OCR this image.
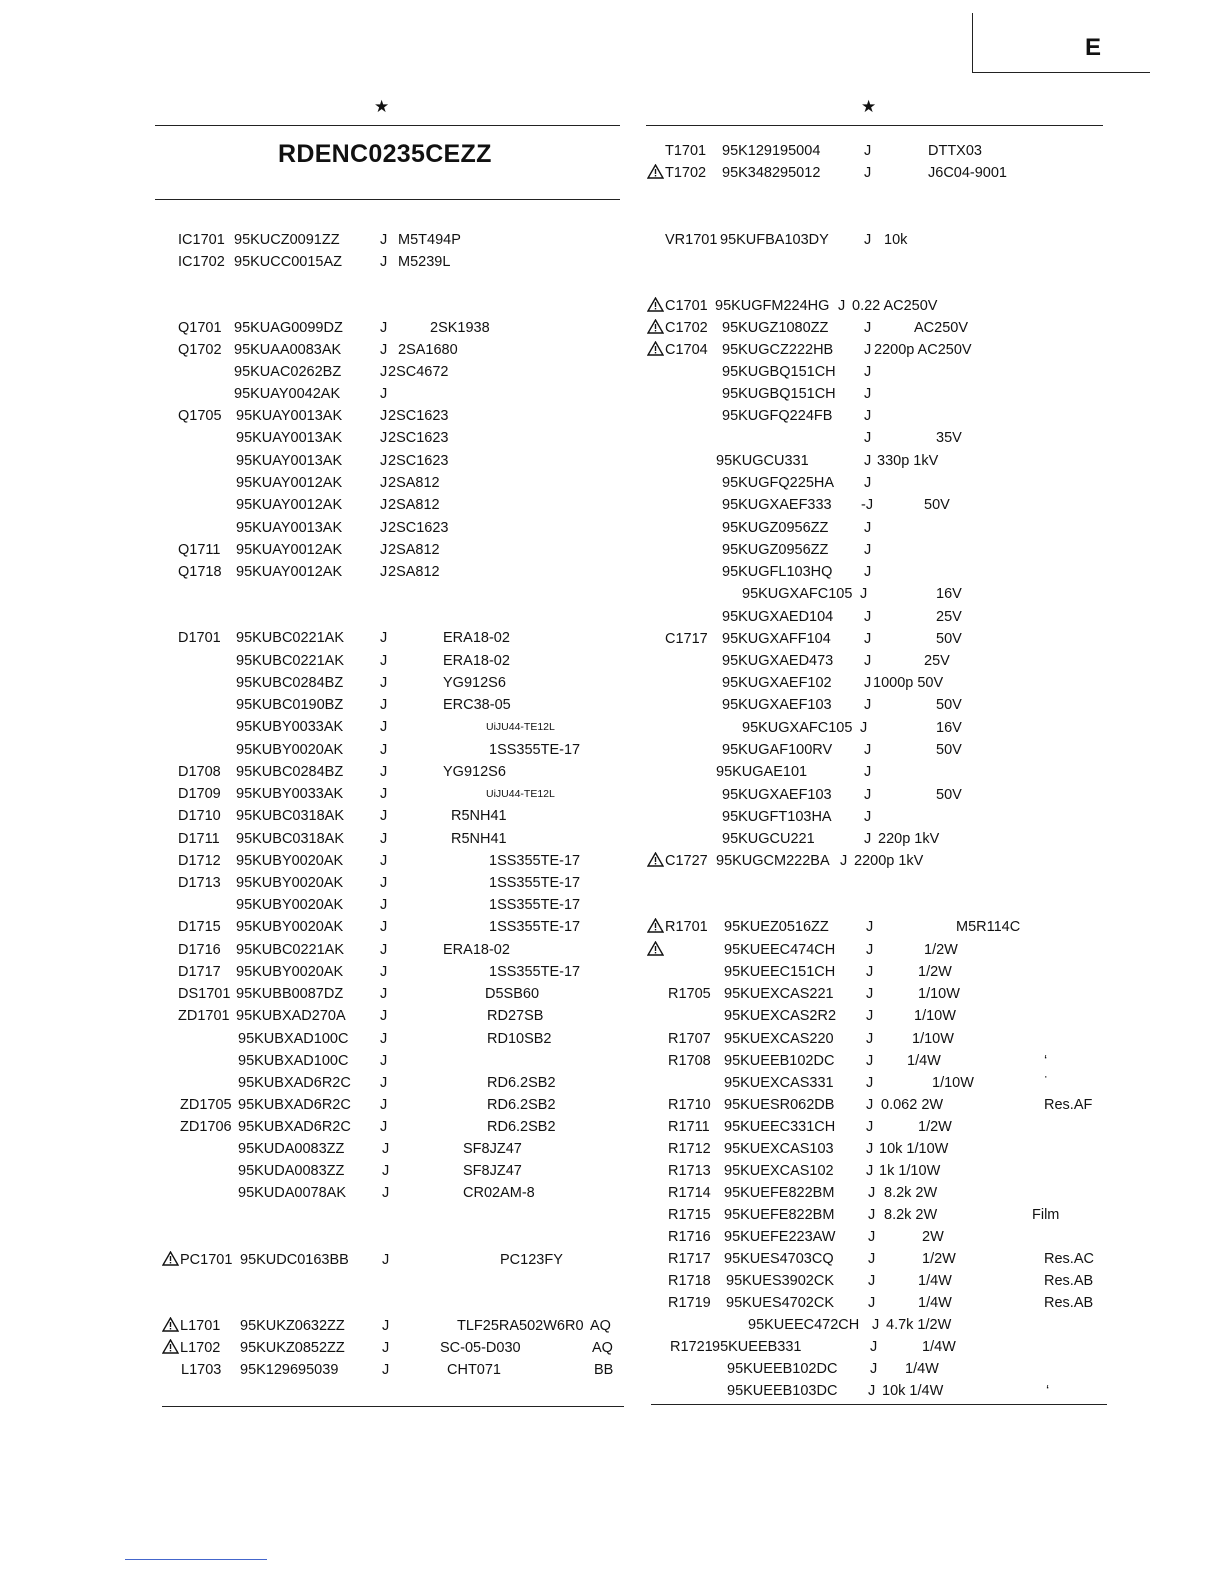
E
★	★
RDENC0235CEZZ
IC1701 95KUCZ0091ZZ	J M5T494P
IC1702 95KUCC0015AZ	J M5239L
Q1701 95KUAG0099DZ	J	2SK1938
Q1702 95KUAA0083AK	J 2SA1680
95KUAC0262BZ	J 2SC4672
95KUAY0042AK	J
Q1705 95KUAY0013AK	J 2SC1623
95KUAY0013AK	J 2SC1623
95KUAY0013AK	J 2SC1623
95KUAY0012AK	J 2SA812
95KUAY0012AK	J 2SA812
95KUAY0013AK	J 2SC1623
Q1711 95KUAY0012AK	J 2SA812
Q1718 95KUAY0012AK	J 2SA812
D1701 95KUBC0221AK J	ERA18-02
95KUBC0221AK J	ERA18-02
95KUBC0284BZ	J	YG912S6
95KUBC0190BZ	J	ERC38-05
95KUBY0033AK	J	UiJU44-TE12L
95KUBY0020AK	J	1SS355TE-17
D1708 95KUBC0284BZ	J	YG912S6
D1709 95KUBY0033AK	J	UiJU44-TE12L
D1710 95KUBC0318AK J	R5NH41
D1711 95KUBC0318AK J	R5NH41
D1712 95KUBY0020AK	J	1SS355TE-17
D1713 95KUBY0020AK	J	1SS355TE-17
95KUBY0020AK	J	1SS355TE-17
D1715 95KUBY0020AK	J	1SS355TE-17
D1716 95KUBC0221AK J	ERA18-02
D1717 95KUBY0020AK	J	1SS355TE-17
DS1701 95KUBB0087DZ	J	D5SB60
ZD1701 95KUBXAD270A J	RD27SB
95KUBXAD100C J	RD10SB2
95KUBXAD100C J
95KUBXAD6R2C J	RD6.2SB2
ZD1705 95KUBXAD6R2C J	RD6.2SB2
ZD1706 95KUBXAD6R2C J	RD6.2SB2
95KUDA0083ZZ	J	SF8JZ47
95KUDA0083ZZ	J	SF8JZ47
95KUDA0078AK J	CR02AM-8
PC1701 95KUDC0163BB J	PC123FY
L1701 95KUKZ0632ZZ	J	TLF25RA502W6R0 AQ
L1702 95KUKZ0852ZZ	J	SC-05-D030	AQ
L1703 95K129695039	J	CHT071	BB
T1701 95K129195004	J	DTTX03
T1702 95K348295012	J	J6C04-9001
VR1701 95KUFBA103DY J 10k
C1701 95KUGFM224HG J 0.22 AC250V
C1702 95KUGZ1080ZZ J	AC250V
C1704 95KUGCZ222HB J 2200p AC250V
95KUGBQ151CH J
95KUGBQ151CH J
95KUGFQ224FB J
J	35V
95KUGCU331	J 330p 1kV
95KUGFQ225HA J
95KUGXAEF333 -J	50V
95KUGZ0956ZZ J
95KUGZ0956ZZ J
95KUGFL103HQ J
95KUGXAFC105 J	16V
95KUGXAED104 J	25V
C1717 95KUGXAFF104 J	50V
95KUGXAED473 J	25V
95KUGXAEF102 J 1000p 50V
95KUGXAEF103 J	50V
95KUGXAFC105 J	16V
95KUGAF100RV J	50V
95KUGAE101	J
95KUGXAEF103 J	50V
95KUGFT103HA J
95KUGCU221	J 220p 1kV
C1727 95KUGCM222BA J 2200p 1kV
R1701 95KUEZ0516ZZ	J	M5R114C
95KUEEC474CH J	1/2W
95KUEEC151CH J	1/2W
R1705 95KUEXCAS221 J	1/10W
95KUEXCAS2R2 J	1/10W
R1707 95KUEXCAS220 J	1/10W
R1708 95KUEEB102DC J 1/4W	‘
95KUEXCAS331 J	1/10W	˙
R1710 95KUESR062DB J 0.062 2W	Res.AF
R1711 95KUEEC331CH J	1/2W
R1712 95KUEXCAS103 J 10k 1/10W
R1713 95KUEXCAS102 J 1k 1/10W
R1714 95KUEFE822BM J 8.2k 2W
R1715 95KUEFE822BM J 8.2k 2W	Film
R1716 95KUEFE223AW J	2W
R1717 95KUES4703CQ J	1/2W	Res.AC
R1718 95KUES3902CK J	1/4W	Res.AB
R1719 95KUES4702CK J	1/4W	Res.AB
95KUEEC472CH J 4.7k 1/2W
R1721 95KUEEB331	J	1/4W
95KUEEB102DC J 1/4W
95KUEEB103DC J 10k 1/4W	‘
